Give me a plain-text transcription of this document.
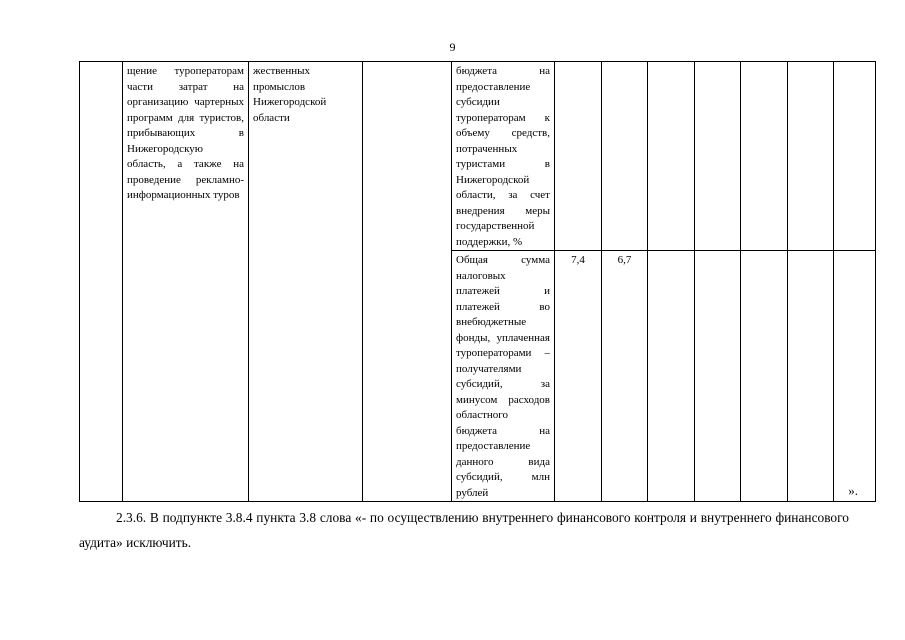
9

	щение туроператорам части затрат на организацию чартерных программ для туристов, прибывающих в Нижегородскую область, а также на проведение рекламно-информационных туров	жественных промыслов Нижегородской области		бюджета на предоставление субсидии туроператорам к объему средств, потраченных туристами в Нижегородской области, за счет внедрения меры государственной поддержки, %							

				Общая сумма налоговых платежей и платежей во внебюджетные фонды, уплаченная туроператорами – получателями субсидий, за минусом расходов областного бюджета на предоставление данного вида субсидий, млн рублей	7,4	6,7					
».
2.3.6. В подпункте 3.8.4 пункта 3.8 слова «- по осуществлению внутреннего финансового контроля и внутреннего финансового аудита» исключить.
